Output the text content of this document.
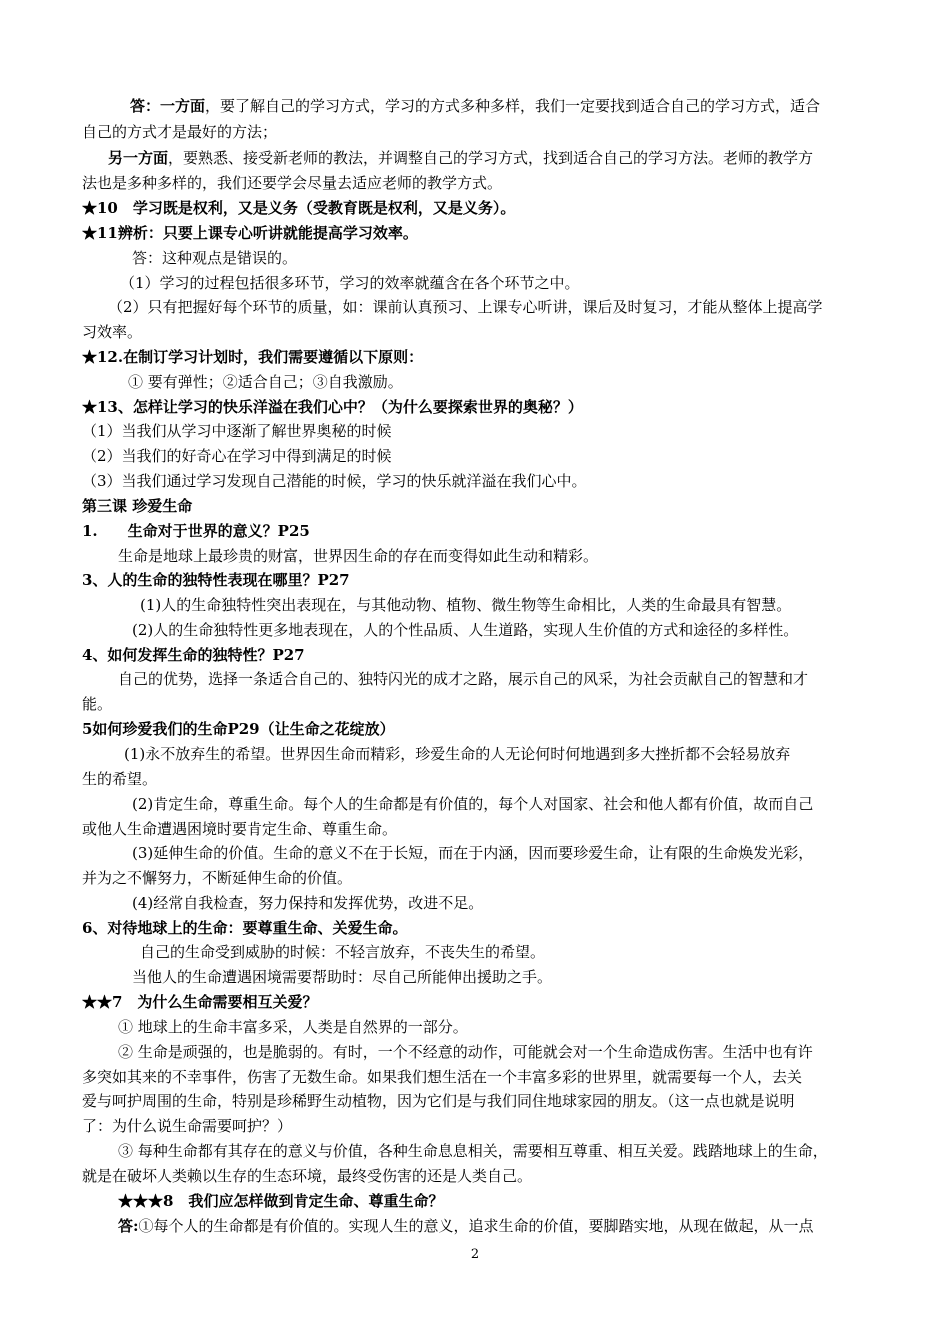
答：一方面，要了解自己的学习方式，学习的方式多种多样，我们一定要找到适合自己的学习方式，适合
自己的方式才是最好的方法；
另一方面，要熟悉、接受新老师的教法，并调整自己的学习方式，找到适合自己的学习方法。老师的教学方
法也是多种多样的，我们还要学会尽量去适应老师的教学方式。
★10　学习既是权利，又是义务（受教育既是权利，又是义务）。
★11辨析：只要上课专心听讲就能提高学习效率。
答：这种观点是错误的。
（1）学习的过程包括很多环节，学习的效率就蕴含在各个环节之中。
（2）只有把握好每个环节的质量，如：课前认真预习、上课专心听讲，课后及时复习，才能从整体上提高学
习效率。
★12.在制订学习计划时，我们需要遵循以下原则：
① 要有弹性；②适合自己；③自我激励。
★13、怎样让学习的快乐洋溢在我们心中？（为什么要探索世界的奥秘？）
（1）当我们从学习中逐渐了解世界奥秘的时候
（2）当我们的好奇心在学习中得到满足的时候
（3）当我们通过学习发现自己潜能的时候，学习的快乐就洋溢在我们心中。
第三课 珍爱生命
1.　　生命对于世界的意义？P25
生命是地球上最珍贵的财富，世界因生命的存在而变得如此生动和精彩。
3、人的生命的独特性表现在哪里？P27
(1)人的生命独特性突出表现在，与其他动物、植物、微生物等生命相比，人类的生命最具有智慧。
(2)人的生命独特性更多地表现在，人的个性品质、人生道路，实现人生价值的方式和途径的多样性。
4、如何发挥生命的独特性？P27
自己的优势，选择一条适合自己的、独特闪光的成才之路，展示自己的风采，为社会贡献自己的智慧和才
能。
5如何珍爱我们的生命P29（让生命之花绽放）
(1)永不放弃生的希望。世界因生命而精彩，珍爱生命的人无论何时何地遇到多大挫折都不会轻易放弃
生的希望。
(2)肯定生命，尊重生命。每个人的生命都是有价值的，每个人对国家、社会和他人都有价值，故而自己
或他人生命遭遇困境时要肯定生命、尊重生命。
(3)延伸生命的价值。生命的意义不在于长短，而在于内涵，因而要珍爱生命，让有限的生命焕发光彩，
并为之不懈努力，不断延伸生命的价值。
(4)经常自我检查，努力保持和发挥优势，改进不足。
6、对待地球上的生命：要尊重生命、关爱生命。
自己的生命受到威胁的时候：不轻言放弃，不丧失生的希望。
当他人的生命遭遇困境需要帮助时：尽自己所能伸出援助之手。
★★7　为什么生命需要相互关爱？
① 地球上的生命丰富多采，人类是自然界的一部分。
② 生命是顽强的，也是脆弱的。有时，一个不经意的动作，可能就会对一个生命造成伤害。生活中也有许
多突如其来的不幸事件，伤害了无数生命。如果我们想生活在一个丰富多彩的世界里，就需要每一个人，去关
爱与呵护周围的生命，特别是珍稀野生动植物，因为它们是与我们同住地球家园的朋友。（这一点也就是说明
了：为什么说生命需要呵护？）
③ 每种生命都有其存在的意义与价值，各种生命息息相关，需要相互尊重、相互关爱。践踏地球上的生命，
就是在破坏人类赖以生存的生态环境，最终受伤害的还是人类自己。
★★★8　我们应怎样做到肯定生命、尊重生命？
答:①每个人的生命都是有价值的。实现人生的意义，追求生命的价值，要脚踏实地，从现在做起，从一点
2
